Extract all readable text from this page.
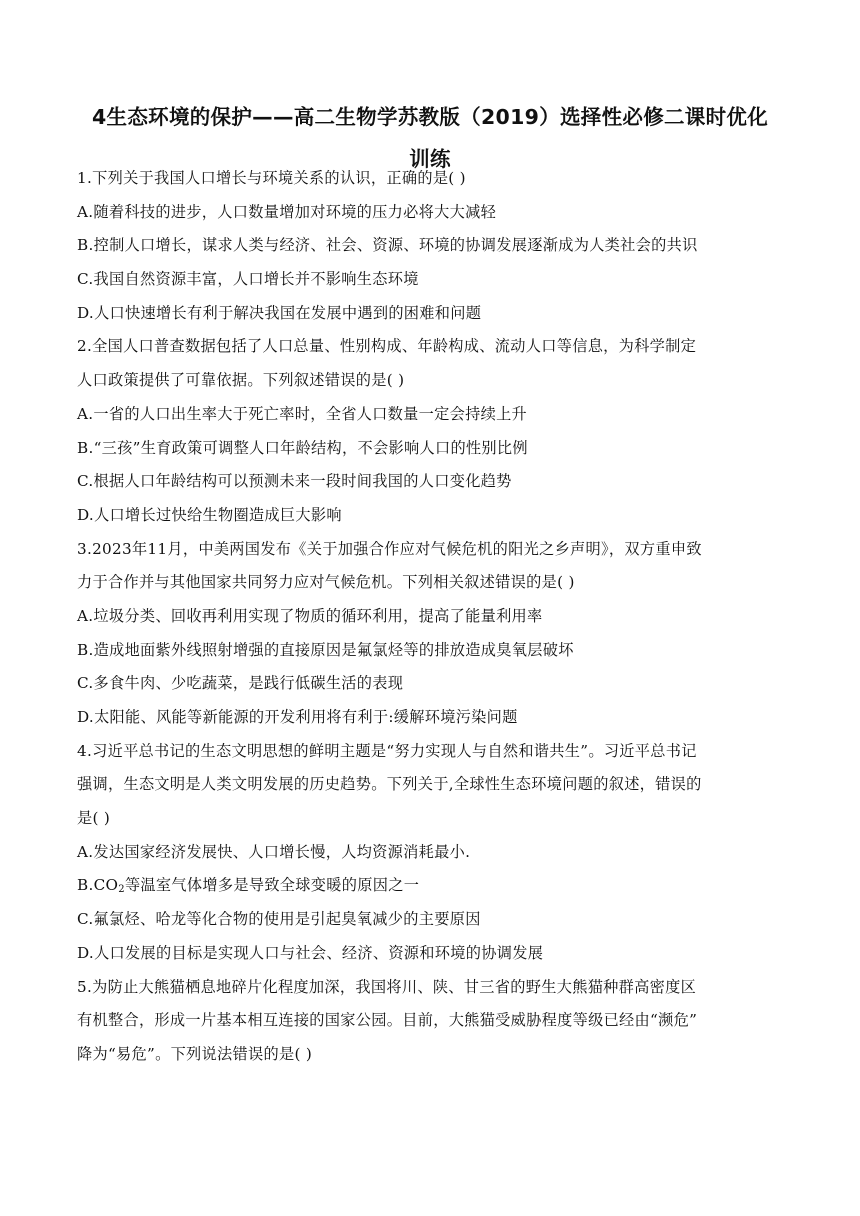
4生态环境的保护——高二生物学苏教版（2019）选择性必修二课时优化
训练
1.下列关于我国人口增长与环境关系的认识，正确的是( )
A.随着科技的进步，人口数量增加对环境的压力必将大大减轻
B.控制人口增长，谋求人类与经济、社会、资源、环境的协调发展逐渐成为人类社会的共识
C.我国自然资源丰富，人口增长并不影响生态环境
D.人口快速增长有利于解决我国在发展中遇到的困难和问题
2.全国人口普查数据包括了人口总量、性别构成、年龄构成、流动人口等信息，为科学制定
人口政策提供了可靠依据。下列叙述错误的是( )
A.一省的人口出生率大于死亡率时，全省人口数量一定会持续上升
B.“三孩”生育政策可调整人口年龄结构，不会影响人口的性别比例
C.根据人口年龄结构可以预测未来一段时间我国的人口变化趋势
D.人口增长过快给生物圈造成巨大影响
3.2023年11月，中美两国发布《关于加强合作应对气候危机的阳光之乡声明》，双方重申致
力于合作并与其他国家共同努力应对气候危机。下列相关叙述错误的是( )
A.垃圾分类、回收再利用实现了物质的循环利用，提高了能量利用率
B.造成地面紫外线照射增强的直接原因是氟氯烃等的排放造成臭氧层破坏
C.多食牛肉、少吃蔬菜，是践行低碳生活的表现
D.太阳能、风能等新能源的开发利用将有利于:缓解环境污染问题
4.习近平总书记的生态文明思想的鲜明主题是“努力实现人与自然和谐共生”。习近平总书记
强调，生态文明是人类文明发展的历史趋势。下列关于,全球性生态环境问题的叙述，错误的
是( )
A.发达国家经济发展快、人口增长慢，人均资源消耗最小.
$B.CO_2$等温室气体增多是导致全球变暖的原因之一
C.氟氯烃、哈龙等化合物的使用是引起臭氧减少的主要原因
D.人口发展的目标是实现人口与社会、经济、资源和环境的协调发展
5.为防止大熊猫栖息地碎片化程度加深，我国将川、陕、甘三省的野生大熊猫种群高密度区
有机整合，形成一片基本相互连接的国家公园。目前，大熊猫受威胁程度等级已经由“濒危”
降为“易危”。下列说法错误的是( )
